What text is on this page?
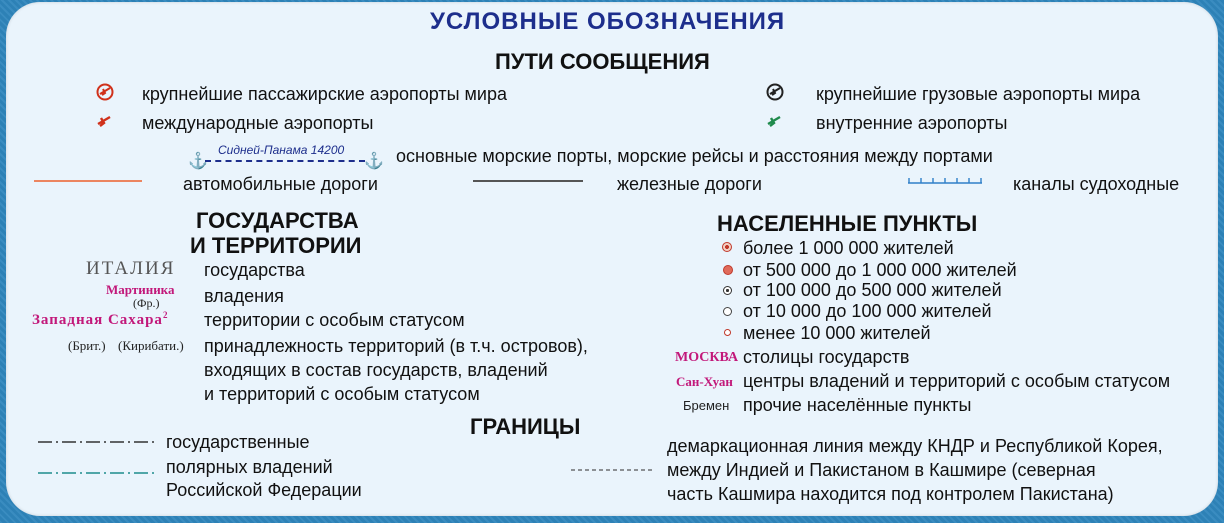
УСЛОВНЫЕ ОБОЗНАЧЕНИЯ
ПУТИ СООБЩЕНИЯ
крупнейшие пассажирские аэропорты мира
международные аэропорты
крупнейшие грузовые аэропорты мира
внутренние аэропорты
⚓
Сидней-Панама 14200
⚓ основные морские порты, морские рейсы и расстояния между портами
автомобильные дороги	железные дороги	каналы судоходные
ГОСУДАРСТВА
И ТЕРРИТОРИИ
ИТАЛИЯ государства
Мартиника
(Фр.) владения
Западная Сахара$^2$ территории с особым статусом
(Брит.) (Кирибати.) принадлежность территорий (в т.ч. островов),
входящих в состав государств, владений
и территорий с особым статусом
НАСЕЛЕННЫЕ ПУНКТЫ
более 1 000 000 жителей
от 500 000 до 1 000 000 жителей
от 100 000 до 500 000 жителей
от 10 000 до 100 000 жителей
менее 10 000 жителей
МОСКВА столицы государств
Сан-Хуан центры владений и территорий с особым статусом
Бремен прочие населённые пункты
ГРАНИЦЫ
государственные
полярных владений
Российской Федерации
демаркационная линия между КНДР и Республикой Корея,
между Индией и Пакистаном в Кашмире (северная
часть Кашмира находится под контролем Пакистана)
